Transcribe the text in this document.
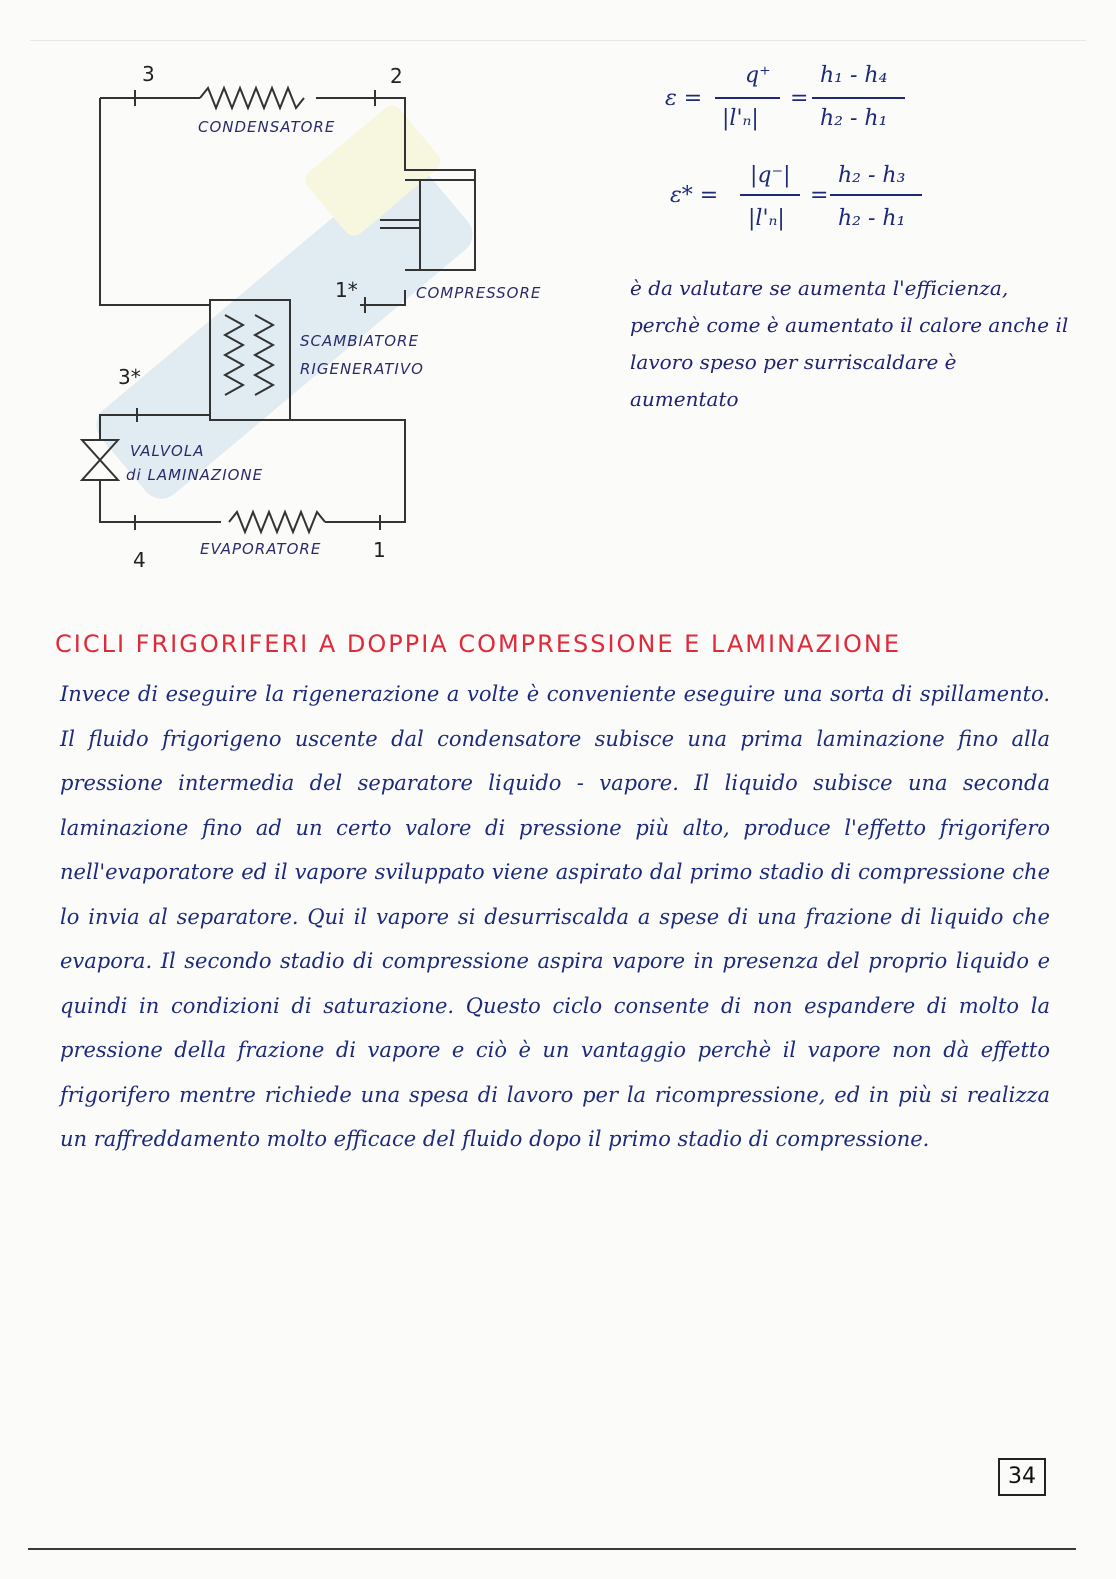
3	2
1*
3*
4	1
CONDENSATORE
COMPRESSORE
SCAMBIATORE
RIGENERATIVO
VALVOLA
di LAMINAZIONE
EVAPORATORE
ε =
q⁺
|l'ₙ|
=
h₁ - h₄
h₂ - h₁
ε* =
|q⁻|
|l'ₙ|
=
h₂ - h₃
h₂ - h₁
è da valutare se aumenta l'efficienza, perchè come è aumentato il calore anche il lavoro speso per surriscaldare è aumentato
CICLI FRIGORIFERI A DOPPIA COMPRESSIONE E LAMINAZIONE
Invece di eseguire la rigenerazione a volte è conveniente eseguire una sorta di spillamento. Il fluido frigorigeno uscente dal condensatore subisce una prima laminazione fino alla pressione intermedia del separatore liquido - vapore. Il liquido subisce una seconda laminazione fino ad un certo valore di pressione più alto, produce l'effetto frigorifero nell'evaporatore ed il vapore sviluppato viene aspirato dal primo stadio di compressione che lo invia al separatore. Qui il vapore si desurriscalda a spese di una frazione di liquido che evapora. Il secondo stadio di compressione aspira vapore in presenza del proprio liquido e quindi in condizioni di saturazione. Questo ciclo consente di non espandere di molto la pressione della frazione di vapore e ciò è un vantaggio perchè il vapore non dà effetto frigorifero mentre richiede una spesa di lavoro per la ricompressione, ed in più si realizza un raffreddamento molto efficace del fluido dopo il primo stadio di compressione.
34
